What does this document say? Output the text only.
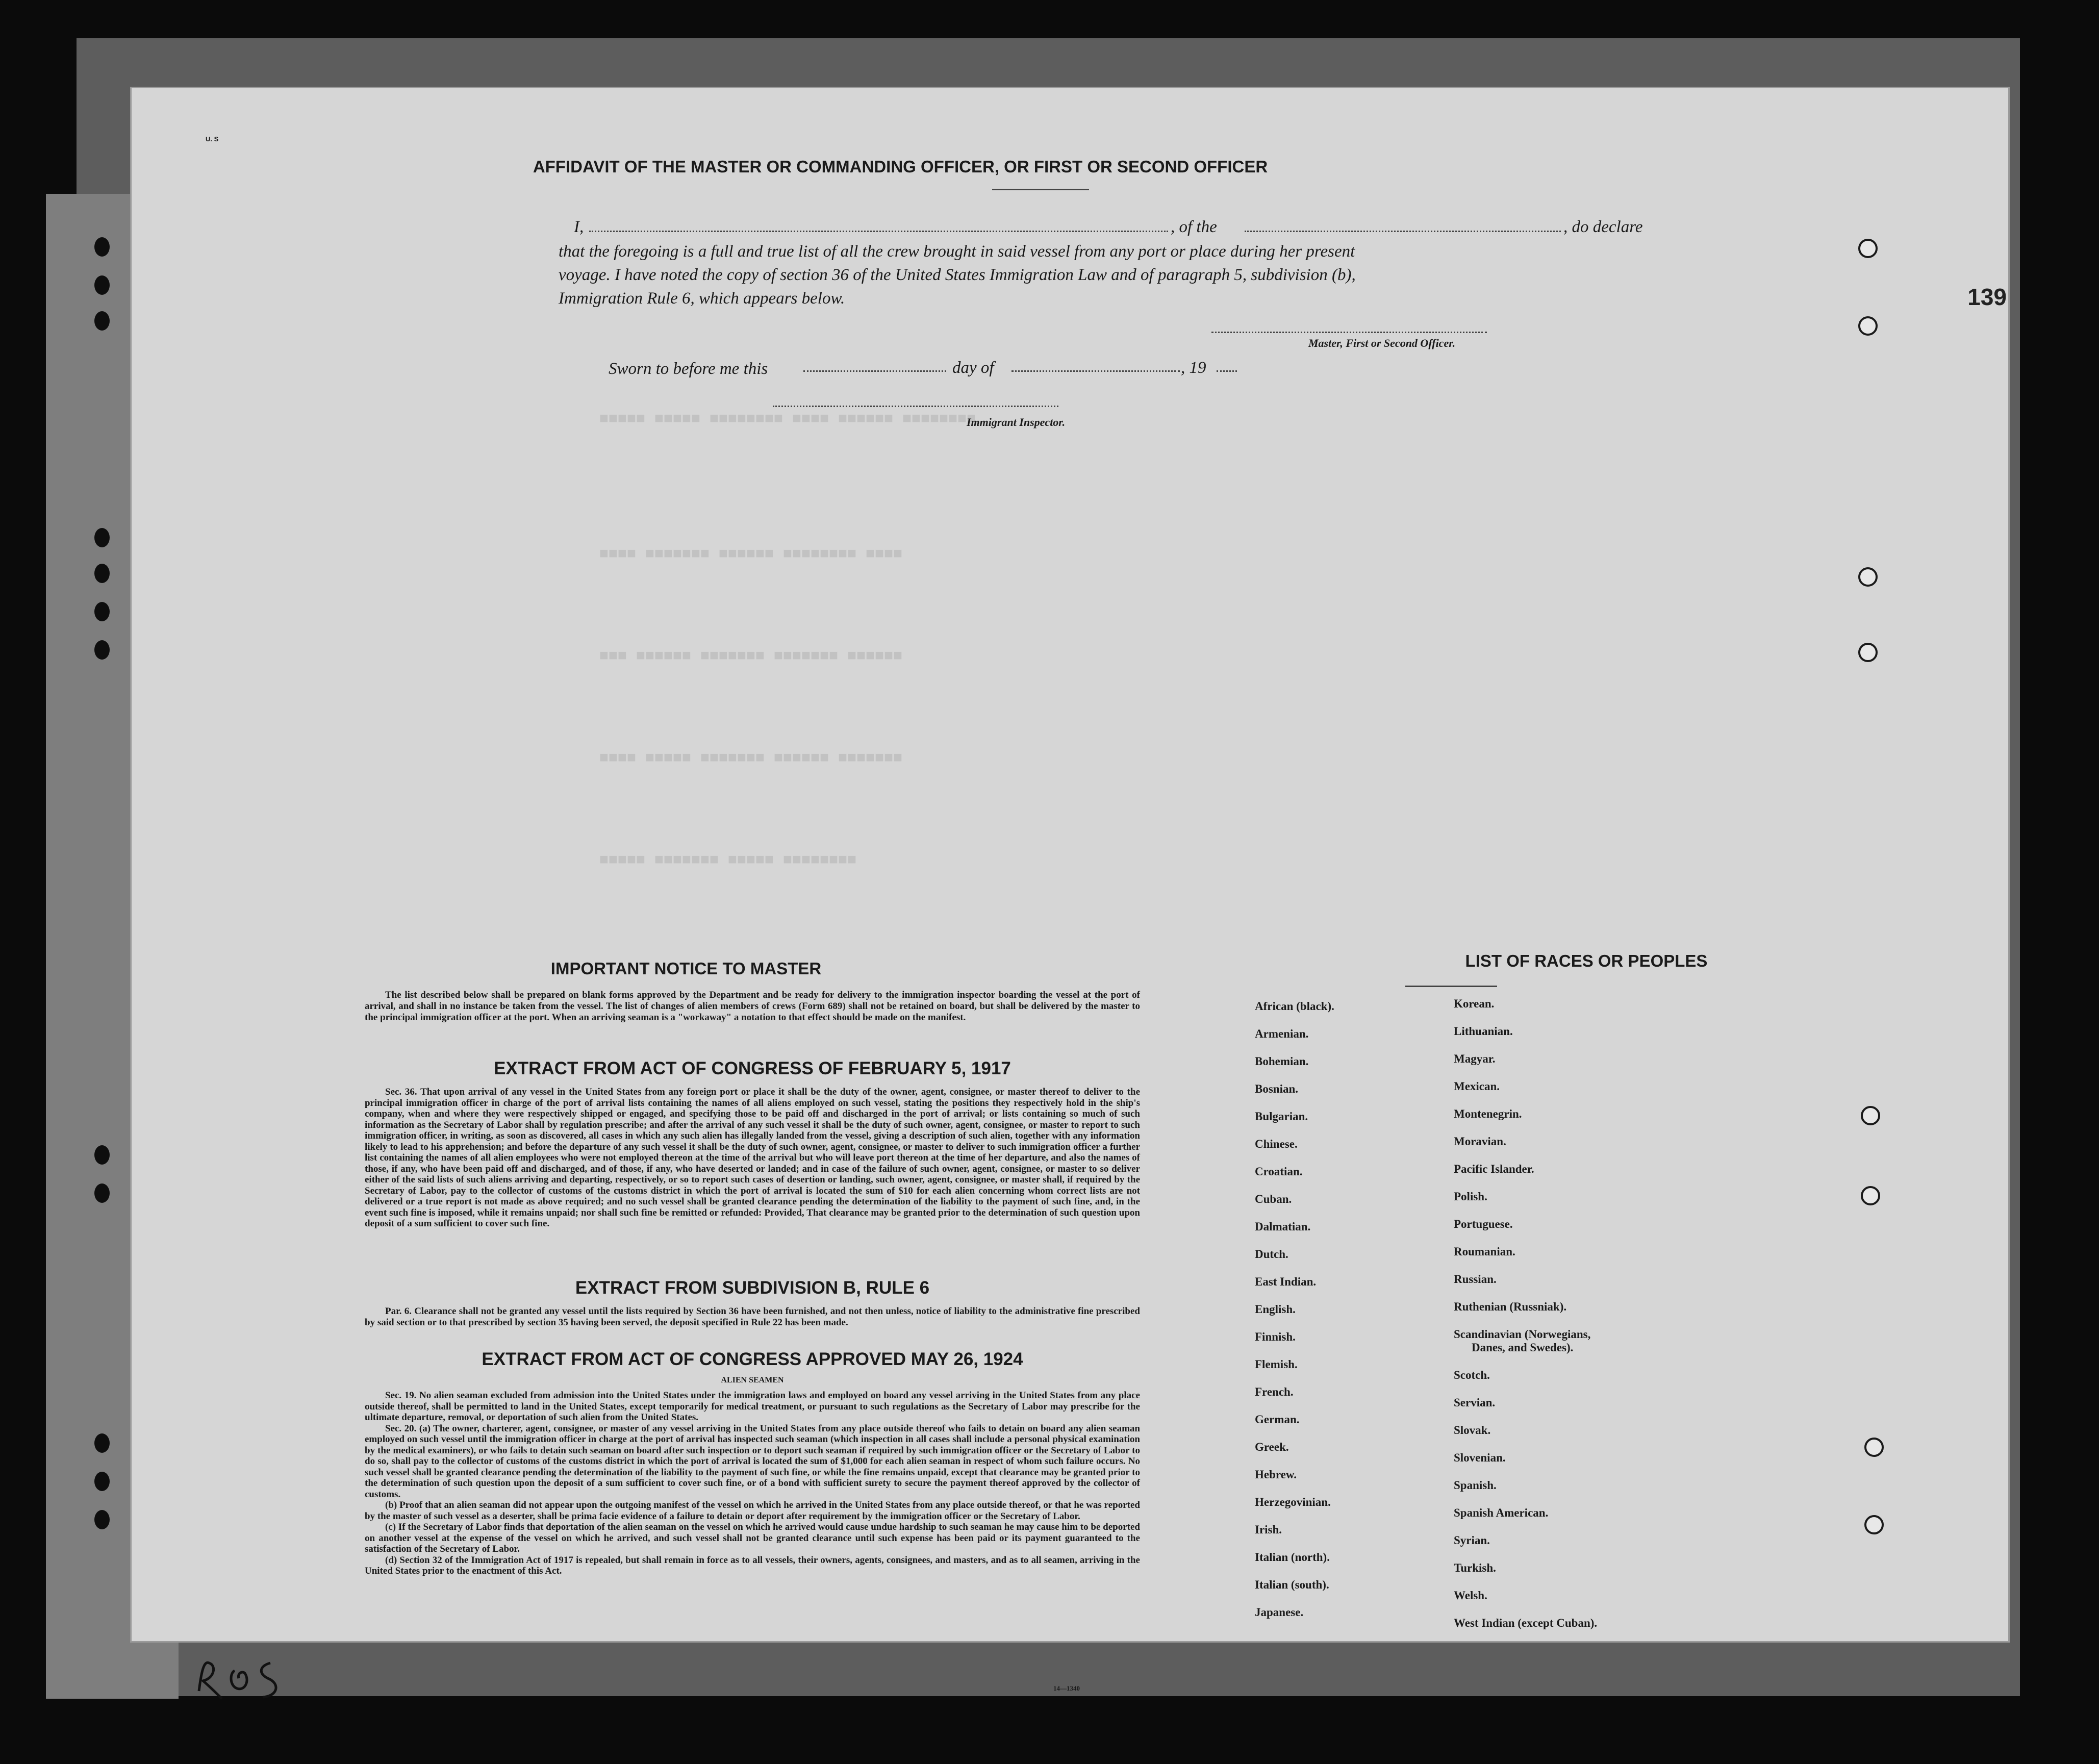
U. S
139
■■■■■ ■■■■■ ■■■■■■■■ ■■■■ ■■■■■■ ■■■■■■■■
■■■■ ■■■■■■■ ■■■■■■ ■■■■■■■■ ■■■■
■■■ ■■■■■■ ■■■■■■■ ■■■■■■■ ■■■■■■
■■■■ ■■■■■ ■■■■■■■ ■■■■■■ ■■■■■■■
■■■■■ ■■■■■■■ ■■■■■ ■■■■■■■■
AFFIDAVIT OF THE MASTER OR COMMANDING OFFICER, OR FIRST OR SECOND OFFICER
I,	, of the	, do declare
that the foregoing is a full and true list of all the crew brought in said vessel from any port or place during her present
voyage. I have noted the copy of section 36 of the United States Immigration Law and of paragraph 5, subdivision (b),
Immigration Rule 6, which appears below.
Master, First or Second Officer.
Sworn to before me this	day of	, 19
Immigrant Inspector.
IMPORTANT NOTICE TO MASTER
The list described below shall be prepared on blank forms approved by the Department and be ready for delivery to the immigration inspector boarding the vessel at the port of arrival, and shall in no instance be taken from the vessel. The list of changes of alien members of crews (Form 689) shall not be retained on board, but shall be delivered by the master to the principal immigration officer at the port. When an arriving seaman is a "workaway" a notation to that effect should be made on the manifest.
EXTRACT FROM ACT OF CONGRESS OF FEBRUARY 5, 1917
Sec. 36. That upon arrival of any vessel in the United States from any foreign port or place it shall be the duty of the owner, agent, consignee, or master thereof to deliver to the principal immigration officer in charge of the port of arrival lists containing the names of all aliens employed on such vessel, stating the positions they respectively hold in the ship's company, when and where they were respectively shipped or engaged, and specifying those to be paid off and discharged in the port of arrival; or lists containing so much of such information as the Secretary of Labor shall by regulation prescribe; and after the arrival of any such vessel it shall be the duty of such owner, agent, consignee, or master to report to such immigration officer, in writing, as soon as discovered, all cases in which any such alien has illegally landed from the vessel, giving a description of such alien, together with any information likely to lead to his apprehension; and before the departure of any such vessel it shall be the duty of such owner, agent, consignee, or master to deliver to such immigration officer a further list containing the names of all alien employees who were not employed thereon at the time of the arrival but who will leave port thereon at the time of her departure, and also the names of those, if any, who have been paid off and discharged, and of those, if any, who have deserted or landed; and in case of the failure of such owner, agent, consignee, or master to so deliver either of the said lists of such aliens arriving and departing, respectively, or so to report such cases of desertion or landing, such owner, agent, consignee, or master shall, if required by the Secretary of Labor, pay to the collector of customs of the customs district in which the port of arrival is located the sum of $10 for each alien concerning whom correct lists are not delivered or a true report is not made as above required; and no such vessel shall be granted clearance pending the determination of the liability to the payment of such fine, and, in the event such fine is imposed, while it remains unpaid; nor shall such fine be remitted or refunded: Provided, That clearance may be granted prior to the determination of such question upon deposit of a sum sufficient to cover such fine.
EXTRACT FROM SUBDIVISION B, RULE 6
Par. 6. Clearance shall not be granted any vessel until the lists required by Section 36 have been furnished, and not then unless, notice of liability to the administrative fine prescribed by said section or to that prescribed by section 35 having been served, the deposit specified in Rule 22 has been made.
EXTRACT FROM ACT OF CONGRESS APPROVED MAY 26, 1924
ALIEN SEAMEN
Sec. 19. No alien seaman excluded from admission into the United States under the immigration laws and employed on board any vessel arriving in the United States from any place outside thereof, shall be permitted to land in the United States, except temporarily for medical treatment, or pursuant to such regulations as the Secretary of Labor may prescribe for the ultimate departure, removal, or deportation of such alien from the United States.
Sec. 20. (a) The owner, charterer, agent, consignee, or master of any vessel arriving in the United States from any place outside thereof who fails to detain on board any alien seaman employed on such vessel until the immigration officer in charge at the port of arrival has inspected such seaman (which inspection in all cases shall include a personal physical examination by the medical examiners), or who fails to detain such seaman on board after such inspection or to deport such seaman if required by such immigration officer or the Secretary of Labor to do so, shall pay to the collector of customs of the customs district in which the port of arrival is located the sum of $1,000 for each alien seaman in respect of whom such failure occurs. No such vessel shall be granted clearance pending the determination of the liability to the payment of such fine, or while the fine remains unpaid, except that clearance may be granted prior to the determination of such question upon the deposit of a sum sufficient to cover such fine, or of a bond with sufficient surety to secure the payment thereof approved by the collector of customs.
(b) Proof that an alien seaman did not appear upon the outgoing manifest of the vessel on which he arrived in the United States from any place outside thereof, or that he was reported by the master of such vessel as a deserter, shall be prima facie evidence of a failure to detain or deport after requirement by the immigration officer or the Secretary of Labor.
(c) If the Secretary of Labor finds that deportation of the alien seaman on the vessel on which he arrived would cause undue hardship to such seaman he may cause him to be deported on another vessel at the expense of the vessel on which he arrived, and such vessel shall not be granted clearance until such expense has been paid or its payment guaranteed to the satisfaction of the Secretary of Labor.
(d) Section 32 of the Immigration Act of 1917 is repealed, but shall remain in force as to all vessels, their owners, agents, consignees, and masters, and as to all seamen, arriving in the United States prior to the enactment of this Act.
14—1340
LIST OF RACES OR PEOPLES
African (black).
Armenian.
Bohemian.
Bosnian.
Bulgarian.
Chinese.
Croatian.
Cuban.
Dalmatian.
Dutch.
East Indian.
English.
Finnish.
Flemish.
French.
German.
Greek.
Hebrew.
Herzegovinian.
Irish.
Italian (north).
Italian (south).
Japanese.
Korean.
Lithuanian.
Magyar.
Mexican.
Montenegrin.
Moravian.
Pacific Islander.
Polish.
Portuguese.
Roumanian.
Russian.
Ruthenian (Russniak).
Scandinavian (Norwegians,
Danes, and Swedes).
Scotch.
Servian.
Slovak.
Slovenian.
Spanish.
Spanish American.
Syrian.
Turkish.
Welsh.
West Indian (except Cuban).
